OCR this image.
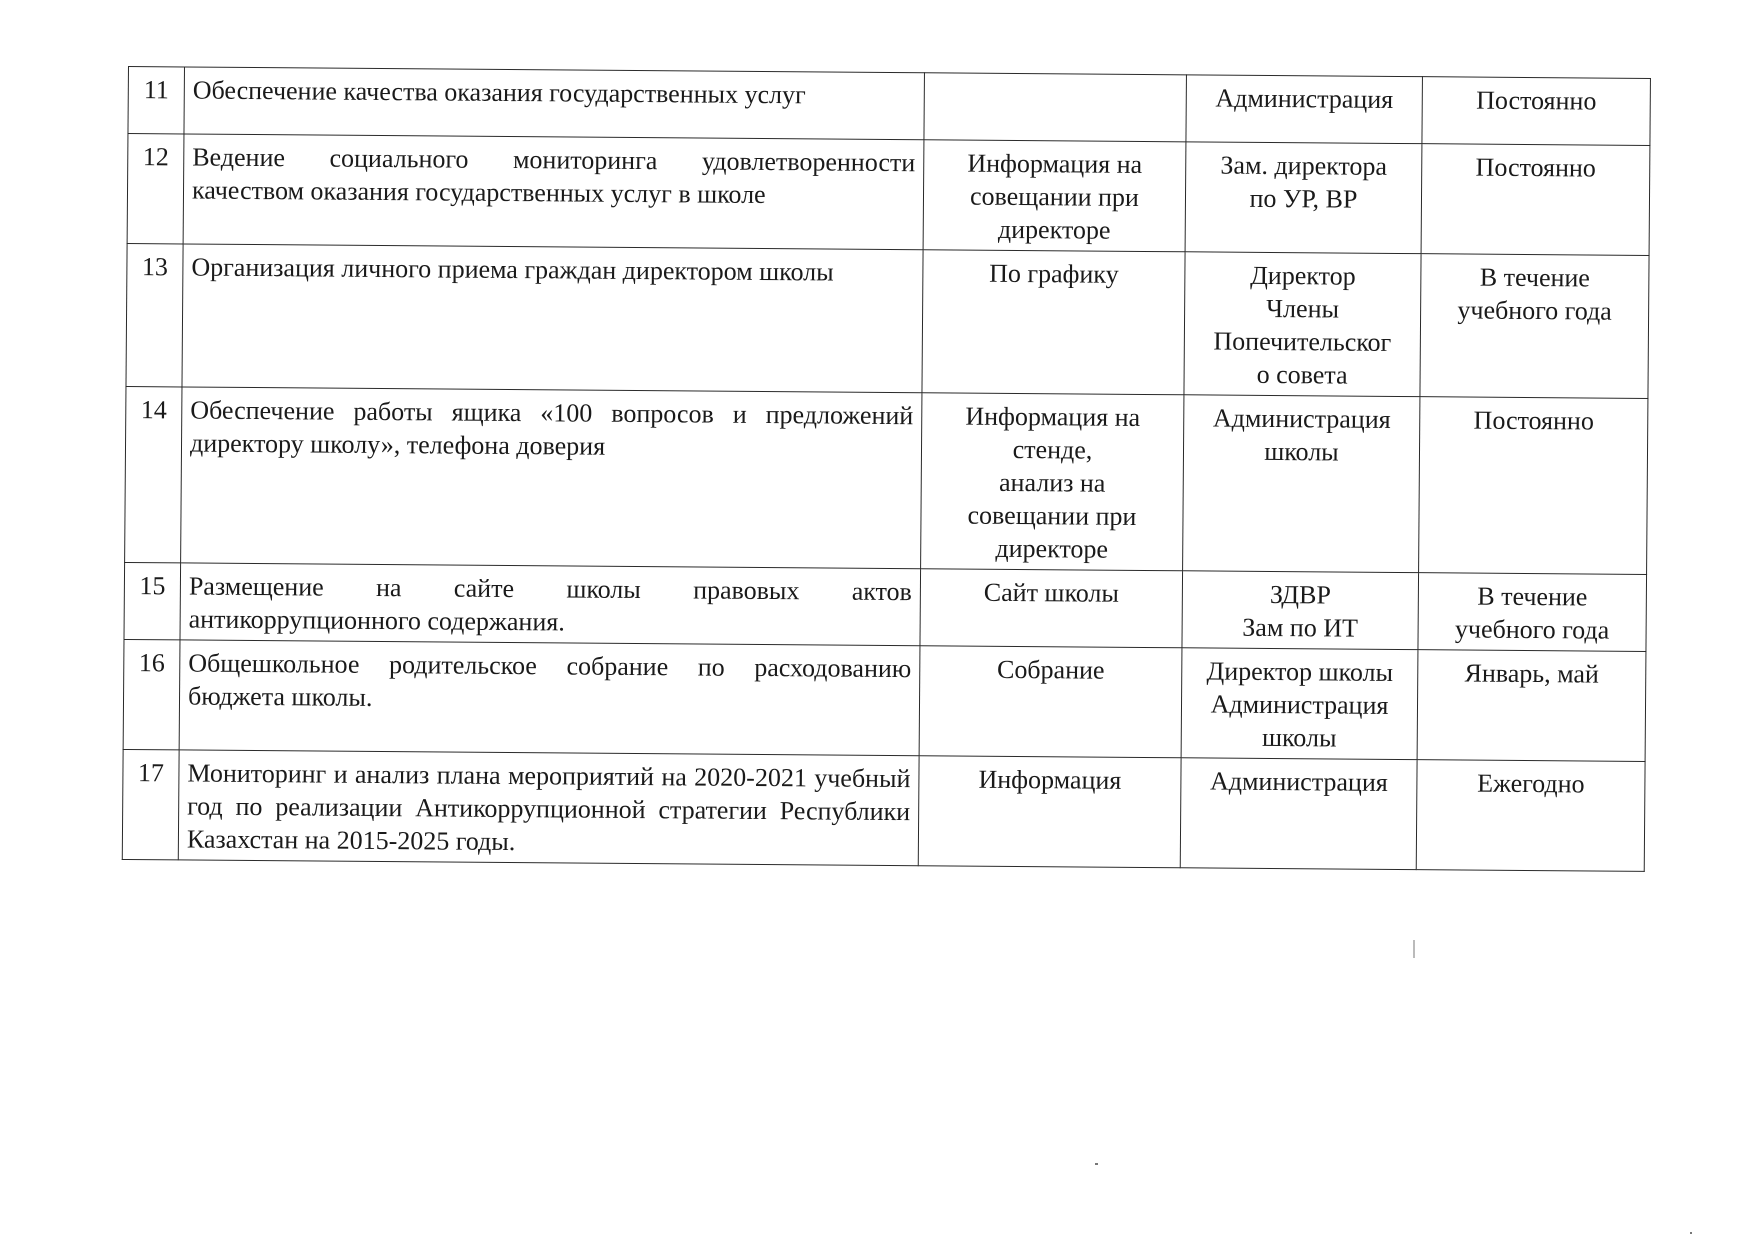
11	Обеспечение качества оказания государственных услуг		Администрация	Постоянно
12	Ведение социального мониторинга удовлетворенности качеством оказания государственных услуг в школе	Информация на
совещании при
директоре	Зам. директора
по УР, ВР	Постоянно
13	Организация личного приема граждан директором школы	По графику	Директор
Члены
Попечительског
о совета	В течение
учебного года
14	Обеспечение работы ящика «100 вопросов и предложений директору школу», телефона доверия	Информация на
стенде,
анализ на
совещании при
директоре	Администрация
школы	Постоянно
15	Размещение на сайте школы правовых актов антикоррупционного содержания.	Сайт школы	ЗДВР
Зам по ИТ	В течение
учебного года
16	Общешкольное родительское собрание по расходованию бюджета школы.	Собрание	Директор школы
Администрация
школы	Январь, май
17	Мониторинг и анализ плана мероприятий на 2020-2021 учебный год по реализации Антикоррупционной стратегии Республики Казахстан на 2015-2025 годы.	Информация	Администрация	Ежегодно
